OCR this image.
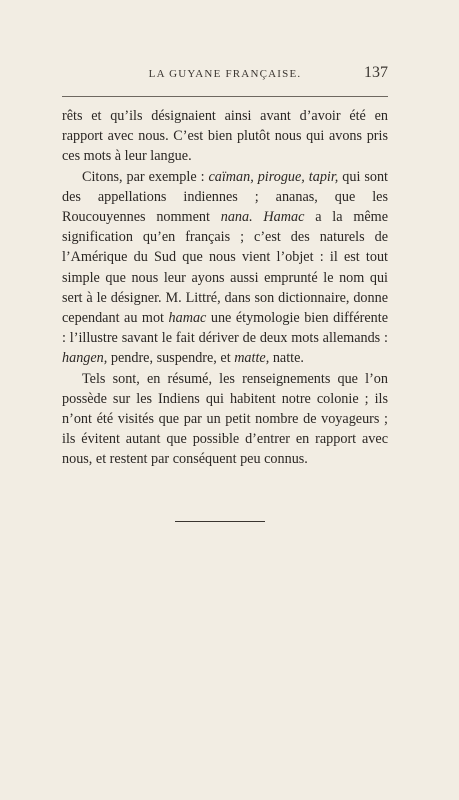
LA GUYANE FRANÇAISE.	137

rêts et qu’ils désignaient ainsi avant d’avoir été en rapport avec nous. C’est bien plutôt nous qui avons pris ces mots à leur langue.

Citons, par exemple : caïman, pirogue, tapir, qui sont des appellations indiennes ; ananas, que les Roucouyennes nomment nana. Hamac a la même signification qu’en français ; c’est des naturels de l’Amérique du Sud que nous vient l’objet : il est tout simple que nous leur ayons aussi emprunté le nom qui sert à le désigner. M. Littré, dans son dictionnaire, donne cependant au mot hamac une étymologie bien différente : l’illustre savant le fait dériver de deux mots allemands : hangen, pendre, suspendre, et matte, natte.

Tels sont, en résumé, les renseignements que l’on possède sur les Indiens qui habitent notre colonie ; ils n’ont été visités que par un petit nombre de voyageurs ; ils évitent autant que possible d’entrer en rapport avec nous, et restent par conséquent peu connus.
